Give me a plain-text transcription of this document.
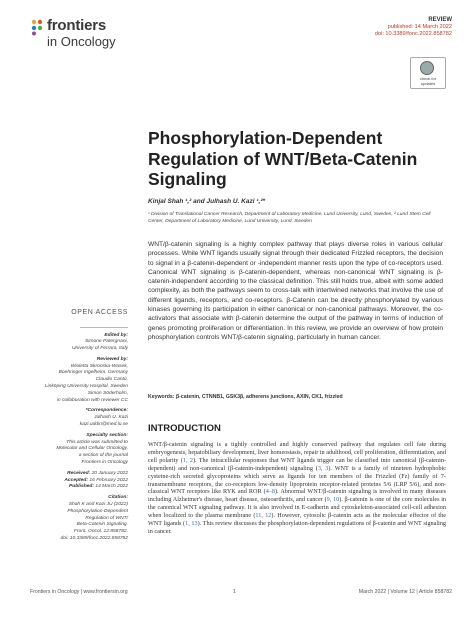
frontiers
in Oncology
REVIEW
published: 14 March 2022
doi: 10.3389/fonc.2022.858782
check for
updates
Phosphorylation-Dependent Regulation of WNT/Beta-Catenin Signaling
Kinjal Shah ¹,² and Julhash U. Kazi ¹,²*
¹ Division of Translational Cancer Research, Department of Laboratory Medicine, Lund University, Lund, Sweden, ² Lund Stem Cell Center, Department of Laboratory Medicine, Lund University, Lund, Sweden
WNT/β-catenin signaling is a highly complex pathway that plays diverse roles in various cellular processes. While WNT ligands usually signal through their dedicated Frizzled receptors, the decision to signal in a β-catenin-dependent or -independent manner rests upon the type of co-receptors used. Canonical WNT signaling is β-catenin-dependent, whereas non-canonical WNT signaling is β-catenin-independent according to the classical definition. This still holds true, albeit with some added complexity, as both the pathways seem to cross-talk with intertwined networks that involve the use of different ligands, receptors, and co-receptors. β-Catenin can be directly phosphorylated by various kinases governing its participation in either canonical or non-canonical pathways. Moreover, the co-activators that associate with β-catenin determine the output of the pathway in terms of induction of genes promoting proliferation or differentiation. In this review, we provide an overview of how protein phosphorylation controls WNT/β-catenin signaling, particularly in human cancer.
Keywords: β-catenin, CTNNB1, GSK3β, adherens junctions, AXIN, CK1, frizzled
OPEN ACCESS
Edited by:
Simone Patergnani,
University of Ferrara, Italy
Reviewed by:
Wioletta Skronska-Wasek,
Boehringer Ingelheim, Germany
Claudio Cantù,
Linköping University Hospital, Sweden
Simon Söderholm,
in collaboration with reviewer CC
*Correspondence:
Julhash U. Kazi
kazi.uddin@med.lu.se
Specialty section:
This article was submitted to
Molecular and Cellular Oncology,
a section of the journal
Frontiers in Oncology
Received: 20 January 2022
Accepted: 16 February 2022
Published: 14 March 2022
Citation:
Shah K and Kazi JU (2022)
Phosphorylation-Dependent
Regulation of WNT/
Beta-Catenin Signaling.
Front. Oncol. 12:858782.
doi: 10.3389/fonc.2022.858782
INTRODUCTION
WNT/β-catenin signaling is a tightly controlled and highly conserved pathway that regulates cell fate during embryogenesis, hepatobiliary development, liver homeostasis, repair in adulthood, cell proliferation, differentiation, and cell polarity (1, 2). The intracellular responses that WNT ligands trigger can be classified into canonical (β-catenin-dependent) and non-canonical (β-catenin-independent) signaling (3, 3). WNT is a family of nineteen hydrophobic cysteine-rich secreted glycoproteins which serve as ligands for ten members of the Frizzled (Fz) family of 7-transmembrane receptors, the co-receptors low-density lipoprotein receptor-related proteins 5/6 (LRP 5/6), and non-classical WNT receptors like RYK and ROR (4–8). Abnormal WNT/β-catenin signaling is involved in many diseases including Alzheimer's disease, heart disease, osteoarthritis, and cancer (9, 10). β-catenin is one of the core molecules in the canonical WNT signaling pathway. It is also involved in E-cadherin and cytoskeleton-associated cell-cell adhesion when localized to the plasma membrane (11, 12). However, cytosolic β-catenin acts as the molecular effector of the WNT ligands (1, 13). This review discusses the phosphorylation-dependent regulations of β-catenin and WNT signaling in cancer.
Frontiers in Oncology | www.frontiersin.org	1	March 2022 | Volume 12 | Article 858782
